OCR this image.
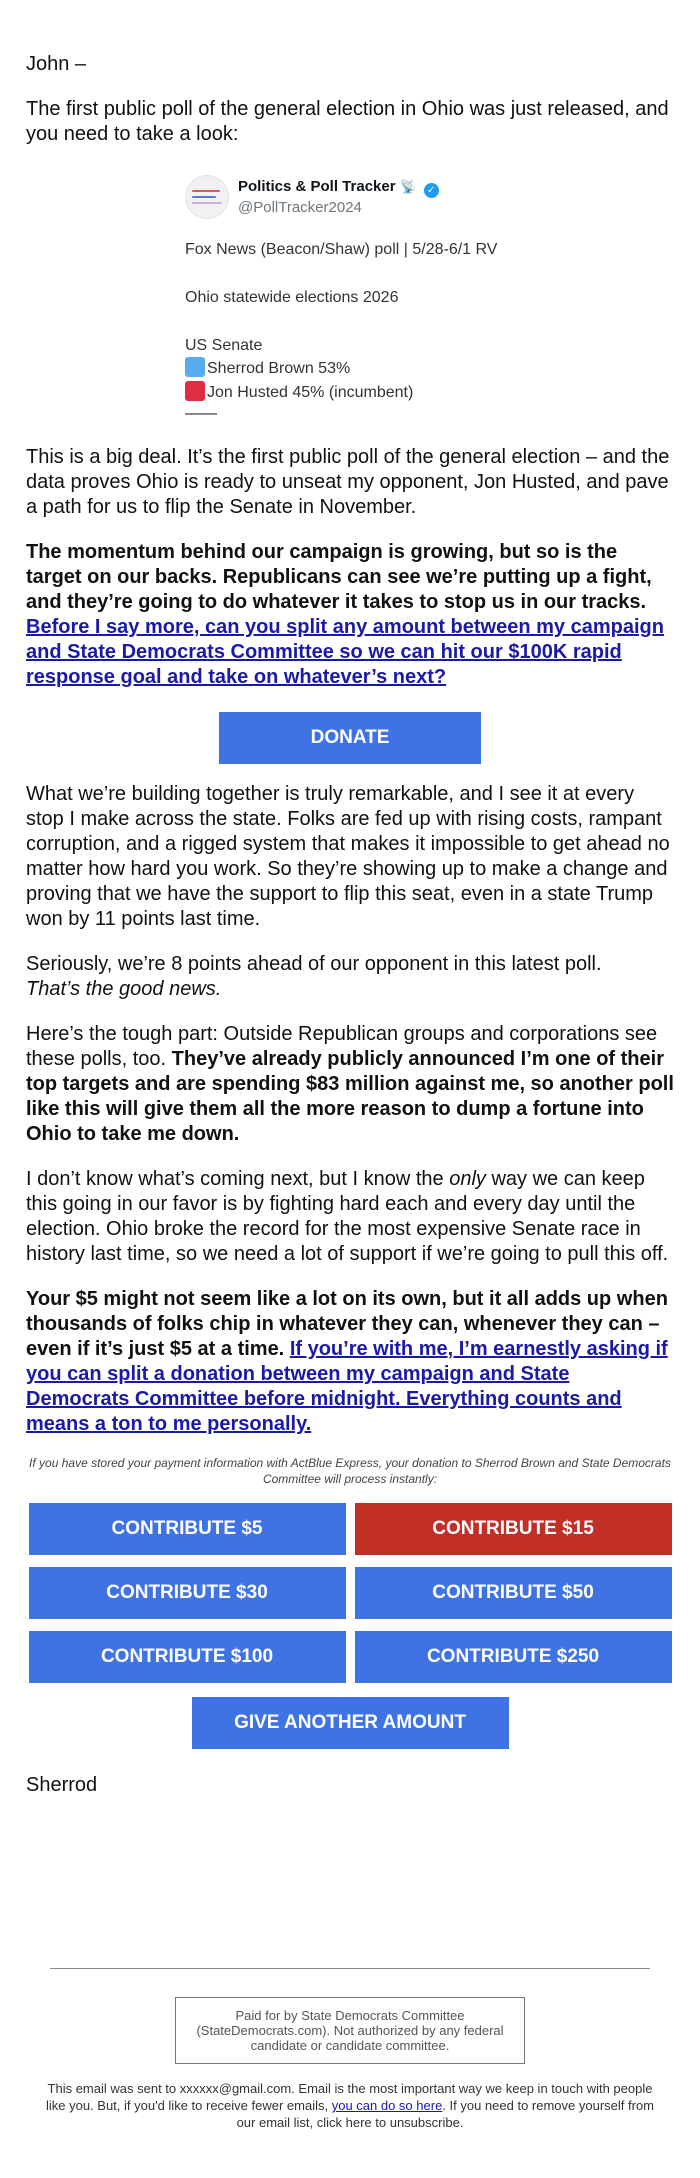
John –

The first public poll of the general election in Ohio was just released, and you need to take a look:

Politics & Poll Tracker 📡 ✓
@PollTracker2024
Fox News (Beacon/Shaw) poll | 5/28-6/1 RV
Ohio statewide elections 2026
US Senate
Sherrod Brown 53%
Jon Husted 45% (incumbent)
——

This is a big deal. It’s the first public poll of the general election – and the data proves Ohio is ready to unseat my opponent, Jon Husted, and pave a path for us to flip the Senate in November.

The momentum behind our campaign is growing, but so is the target on our backs. Republicans can see we’re putting up a fight, and they’re going to do whatever it takes to stop us in our tracks. Before I say more, can you split any amount between my campaign and State Democrats Committee so we can hit our $100K rapid response goal and take on whatever’s next?

DONATE

What we’re building together is truly remarkable, and I see it at every stop I make across the state. Folks are fed up with rising costs, rampant corruption, and a rigged system that makes it impossible to get ahead no matter how hard you work. So they’re showing up to make a change and proving that we have the support to flip this seat, even in a state Trump won by 11 points last time.

Seriously, we’re 8 points ahead of our opponent in this latest poll.
That’s the good news.

Here’s the tough part: Outside Republican groups and corporations see these polls, too. They’ve already publicly announced I’m one of their top targets and are spending $83 million against me, so another poll like this will give them all the more reason to dump a fortune into Ohio to take me down.

I don’t know what’s coming next, but I know the only way we can keep this going in our favor is by fighting hard each and every day until the election. Ohio broke the record for the most expensive Senate race in history last time, so we need a lot of support if we’re going to pull this off.

Your $5 might not seem like a lot on its own, but it all adds up when thousands of folks chip in whatever they can, whenever they can – even if it’s just $5 at a time. If you’re with me, I’m earnestly asking if you can split a donation between my campaign and State Democrats Committee before midnight. Everything counts and means a ton to me personally.

If you have stored your payment information with ActBlue Express, your donation to Sherrod Brown and State Democrats Committee will process instantly:
CONTRIBUTE $5	CONTRIBUTE $15
CONTRIBUTE $30	CONTRIBUTE $50
CONTRIBUTE $100	CONTRIBUTE $250
GIVE ANOTHER AMOUNT

Sherrod

Paid for by State Democrats Committee (StateDemocrats.com). Not authorized by any federal candidate or candidate committee.
This email was sent to xxxxxx@gmail.com. Email is the most important way we keep in touch with people like you. But, if you'd like to receive fewer emails, you can do so here. If you need to remove yourself from our email list, click here to unsubscribe.
